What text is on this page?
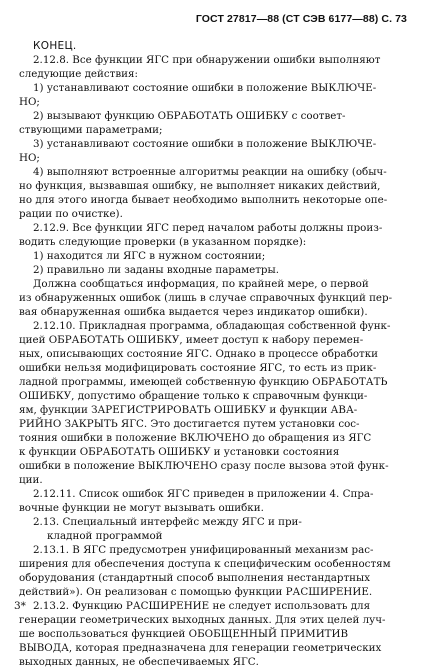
ГОСТ 27817—88 (СТ СЭВ 6177—88) С. 73
КОНЕЦ.
2.12.8. Все функции ЯГС при обнаружении ошибки выполняют
следующие действия:
1) устанавливают состояние ошибки в положение ВЫКЛЮЧЕ-
НО;
2) вызывают функцию ОБРАБОТАТЬ ОШИБКУ с соответ-
ствующими параметрами;
3) устанавливают состояние ошибки в положение ВЫКЛЮЧЕ-
НО;
4) выполняют встроенные алгоритмы реакции на ошибку (обыч-
но функция, вызвавшая ошибку, не выполняет никаких действий,
но для этого иногда бывает необходимо выполнить некоторые опе-
рации по очистке).
2.12.9. Все функции ЯГС перед началом работы должны произ-
водить следующие проверки (в указанном порядке):
1) находится ли ЯГС в нужном состоянии;
2) правильно ли заданы входные параметры.
Должна сообщаться информация, по крайней мере, о первой
из обнаруженных ошибок (лишь в случае справочных функций пер-
вая обнаруженная ошибка выдается через индикатор ошибки).
2.12.10. Прикладная программа, обладающая собственной функ-
цией ОБРАБОТАТЬ ОШИБКУ, имеет доступ к набору перемен-
ных, описывающих состояние ЯГС. Однако в процессе обработки
ошибки нельзя модифицировать состояние ЯГС, то есть из прик-
ладной программы, имеющей собственную функцию ОБРАБОТАТЬ
ОШИБКУ, допустимо обращение только к справочным функци-
ям, функции ЗАРЕГИСТРИРОВАТЬ ОШИБКУ и функции АВА-
РИЙНО ЗАКРЫТЬ ЯГС. Это достигается путем установки сос-
тояния ошибки в положение ВКЛЮЧЕНО до обращения из ЯГС
к функции ОБРАБОТАТЬ ОШИБКУ и установки состояния
ошибки в положение ВЫКЛЮЧЕНО сразу после вызова этой функ-
ции.
2.12.11. Список ошибок ЯГС приведен в приложении 4. Спра-
вочные функции не могут вызывать ошибки.
2.13. Специальный интерфейс между ЯГС и при-
кладной программой
2.13.1. В ЯГС предусмотрен унифицированный механизм рас-
ширения для обеспечения доступа к специфическим особенностям
оборудования (стандартный способ выполнения нестандартных
действий»). Он реализован с помощью функции РАСШИРЕНИЕ.
2.13.2. Функцию РАСШИРЕНИЕ не следует использовать для
генерации геометрических выходных данных. Для этих целей луч-
ше воспользоваться функцией ОБОБЩЕННЫЙ ПРИМИТИВ
ВЫВОДА, которая предназначена для генерации геометрических
выходных данных, не обеспечиваемых ЯГС.
3*
